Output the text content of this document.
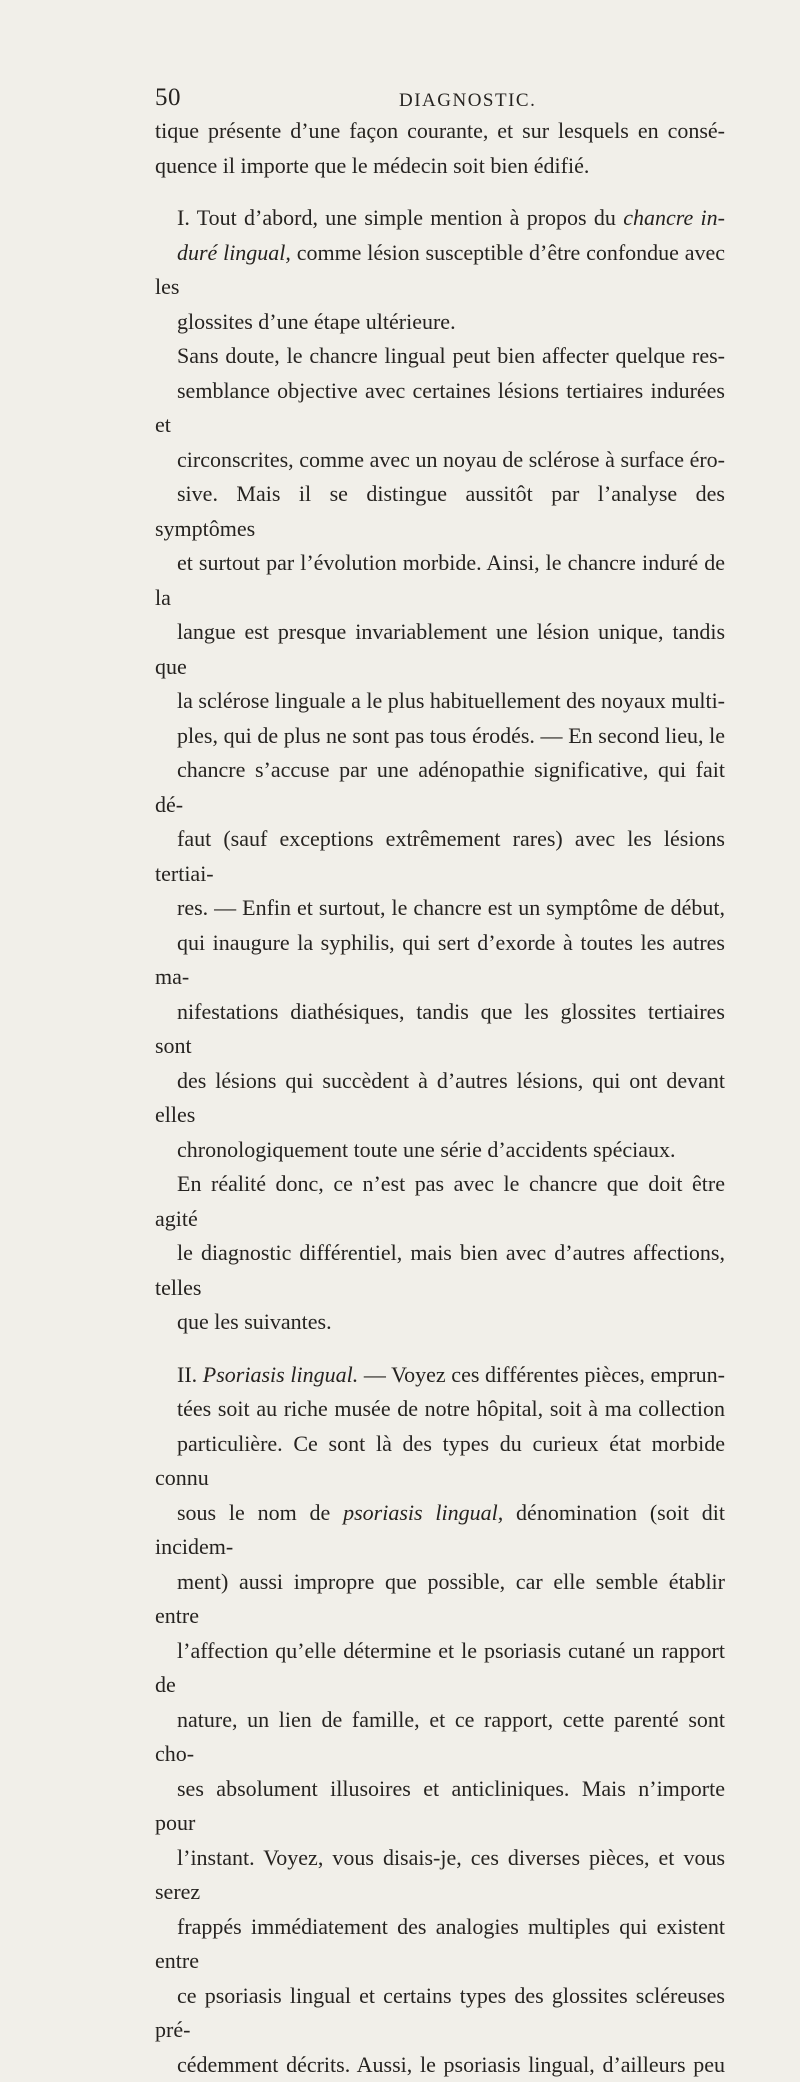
50	DIAGNOSTIC.

tique présente d’une façon courante, et sur lesquels en consé-
quence il importe que le médecin soit bien édifié.

I. Tout d’abord, une simple mention à propos du chancre in-
duré lingual, comme lésion susceptible d’être confondue avec les
glossites d’une étape ultérieure.

Sans doute, le chancre lingual peut bien affecter quelque res-
semblance objective avec certaines lésions tertiaires indurées et
circonscrites, comme avec un noyau de sclérose à surface éro-
sive. Mais il se distingue aussitôt par l’analyse des symptômes
et surtout par l’évolution morbide. Ainsi, le chancre induré de la
langue est presque invariablement une lésion unique, tandis que
la sclérose linguale a le plus habituellement des noyaux multi-
ples, qui de plus ne sont pas tous érodés. — En second lieu, le
chancre s’accuse par une adénopathie significative, qui fait dé-
faut (sauf exceptions extrêmement rares) avec les lésions tertiai-
res. — Enfin et surtout, le chancre est un symptôme de début,
qui inaugure la syphilis, qui sert d’exorde à toutes les autres ma-
nifestations diathésiques, tandis que les glossites tertiaires sont
des lésions qui succèdent à d’autres lésions, qui ont devant elles
chronologiquement toute une série d’accidents spéciaux.

En réalité donc, ce n’est pas avec le chancre que doit être agité
le diagnostic différentiel, mais bien avec d’autres affections, telles
que les suivantes.

II. Psoriasis lingual. — Voyez ces différentes pièces, emprun-
tées soit au riche musée de notre hôpital, soit à ma collection
particulière. Ce sont là des types du curieux état morbide connu
sous le nom de psoriasis lingual, dénomination (soit dit incidem-
ment) aussi impropre que possible, car elle semble établir entre
l’affection qu’elle détermine et le psoriasis cutané un rapport de
nature, un lien de famille, et ce rapport, cette parenté sont cho-
ses absolument illusoires et anticliniques. Mais n’importe pour
l’instant. Voyez, vous disais-je, ces diverses pièces, et vous serez
frappés immédiatement des analogies multiples qui existent entre
ce psoriasis lingual et certains types des glossites scléreuses pré-
cédemment décrits. Aussi, le psoriasis lingual, d’ailleurs peu
